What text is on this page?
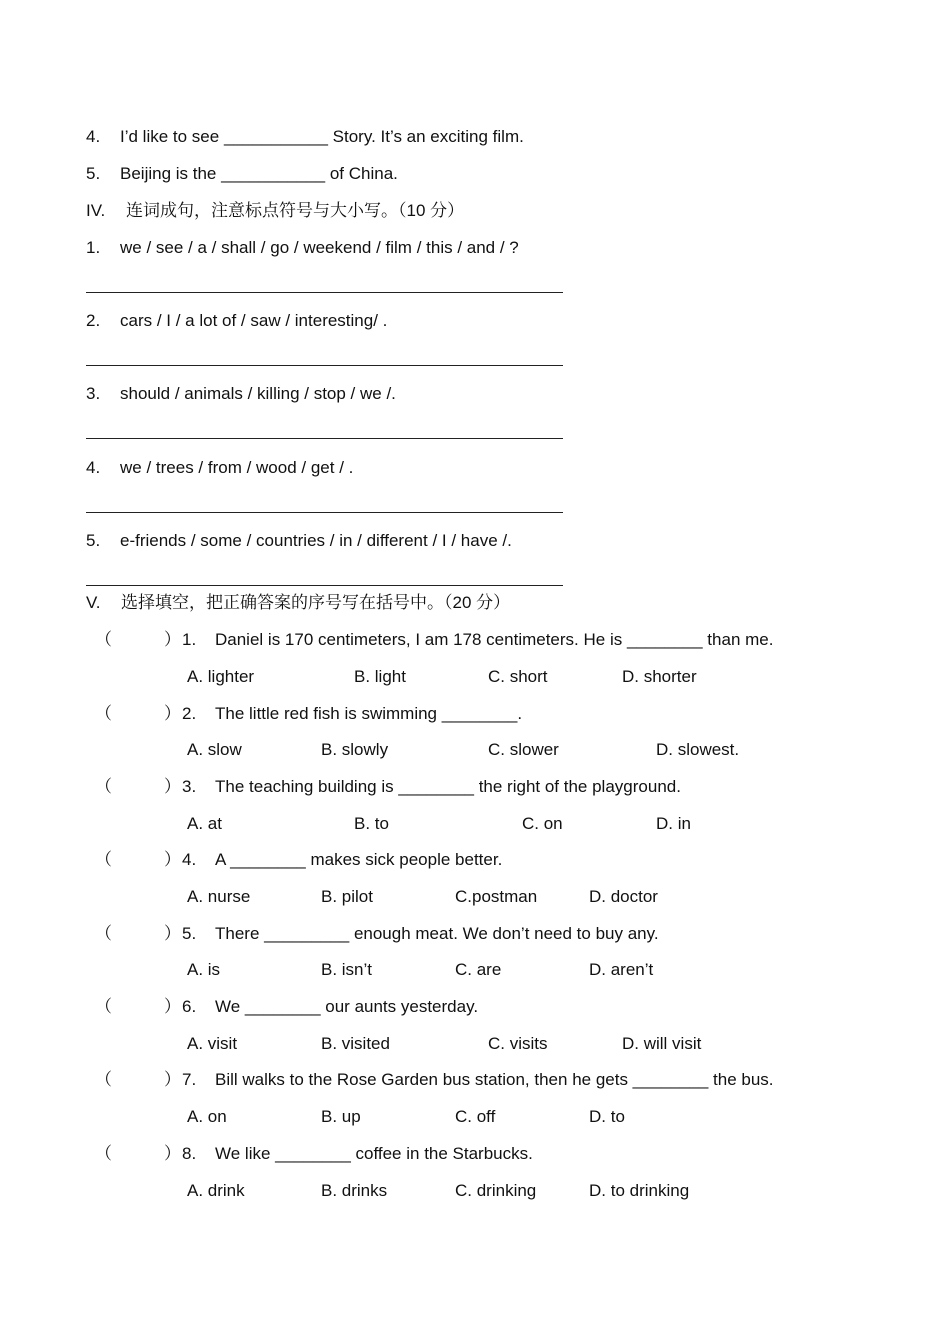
4. I’d like to see ___________ Story. It’s an exciting film.
5. Beijing is the ___________ of China.
IV. 连词成句，注意标点符号与大小写。（10 分）
1. we / see / a / shall / go / weekend / film / this / and / ?
2. cars / I / a lot of / saw / interesting/ .
3. should / animals / killing / stop / we /.
4. we / trees / from / wood / get / .
5. e-friends / some / countries / in / different / I / have /.
V. 选择填空，把正确答案的序号写在括号中。（20 分）
（	） 1. Daniel is 170 centimeters, I am 178 centimeters. He is ________ than me.
A. lighter	B. light	C. short	D. shorter
（	） 2. The little red fish is swimming ________.
A. slow	B. slowly	C. slower	D. slowest.
（	） 3. The teaching building is ________ the right of the playground.
A. at	B. to	C. on	D. in
（	） 4. A ________ makes sick people better.
A. nurse	B. pilot	C.postman	D. doctor
（	） 5. There _________ enough meat. We don’t need to buy any.
A. is	B. isn’t	C. are	D. aren’t
（	） 6. We ________ our aunts yesterday.
A. visit	B. visited	C. visits	D. will visit
（	） 7. Bill walks to the Rose Garden bus station, then he gets ________ the bus.
A. on	B. up	C. off	D. to
（	） 8. We like ________ coffee in the Starbucks.
A. drink	B. drinks	C. drinking	D. to drinking
